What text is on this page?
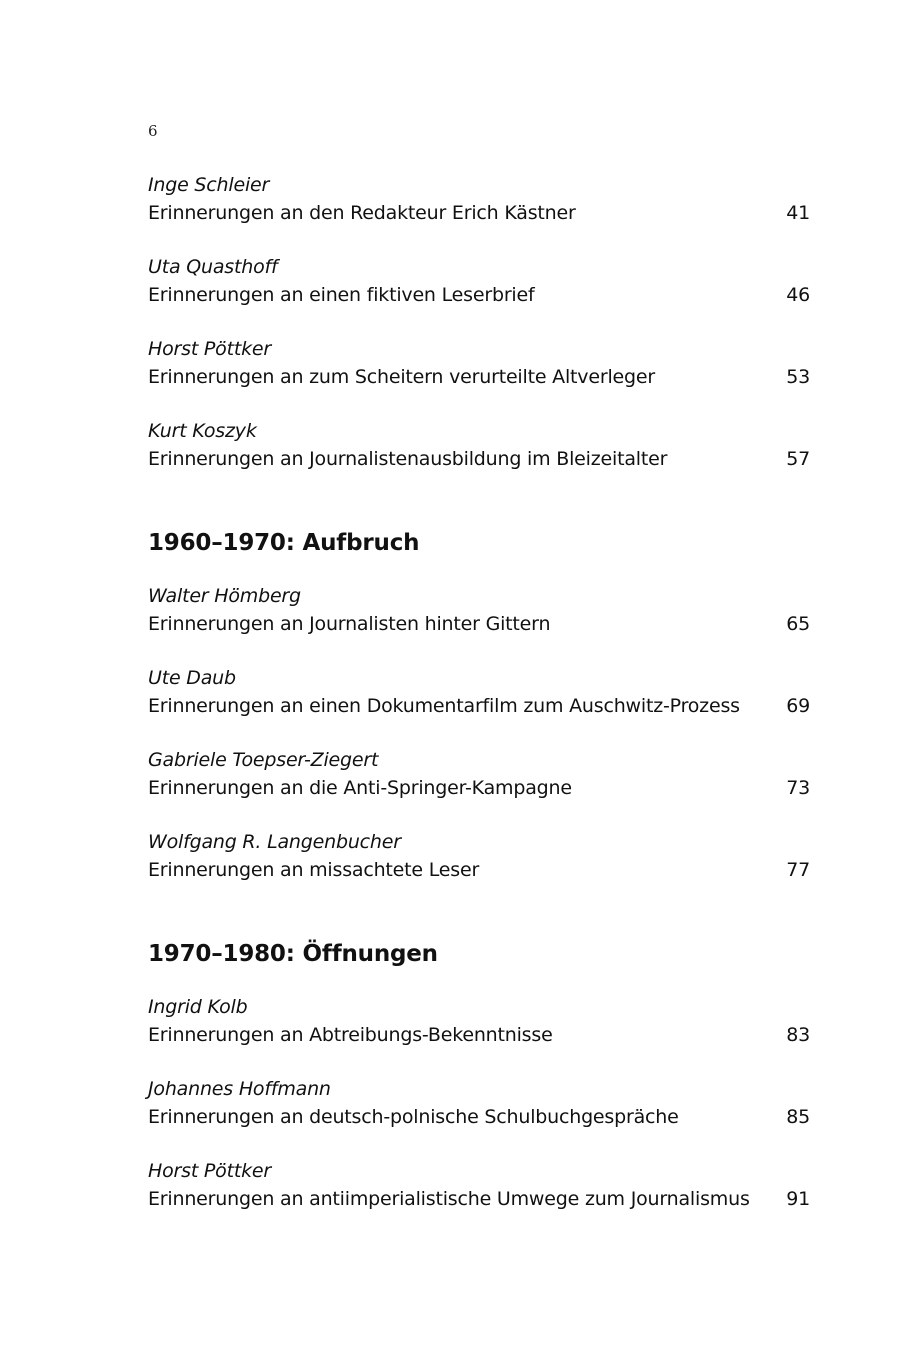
6
Inge Schleier
Erinnerungen an den Redakteur Erich Kästner	41
Uta Quasthoff
Erinnerungen an einen fiktiven Leserbrief	46
Horst Pöttker
Erinnerungen an zum Scheitern verurteilte Altverleger	53
Kurt Koszyk
Erinnerungen an Journalistenausbildung im Bleizeitalter	57
1960–1970: Aufbruch
Walter Hömberg
Erinnerungen an Journalisten hinter Gittern	65
Ute Daub
Erinnerungen an einen Dokumentarfilm zum Auschwitz-Prozess	69
Gabriele Toepser-Ziegert
Erinnerungen an die Anti-Springer-Kampagne	73
Wolfgang R. Langenbucher
Erinnerungen an missachtete Leser	77
1970–1980: Öffnungen
Ingrid Kolb
Erinnerungen an Abtreibungs-Bekenntnisse	83
Johannes Hoffmann
Erinnerungen an deutsch-polnische Schulbuchgespräche	85
Horst Pöttker
Erinnerungen an antiimperialistische Umwege zum Journalismus	91
